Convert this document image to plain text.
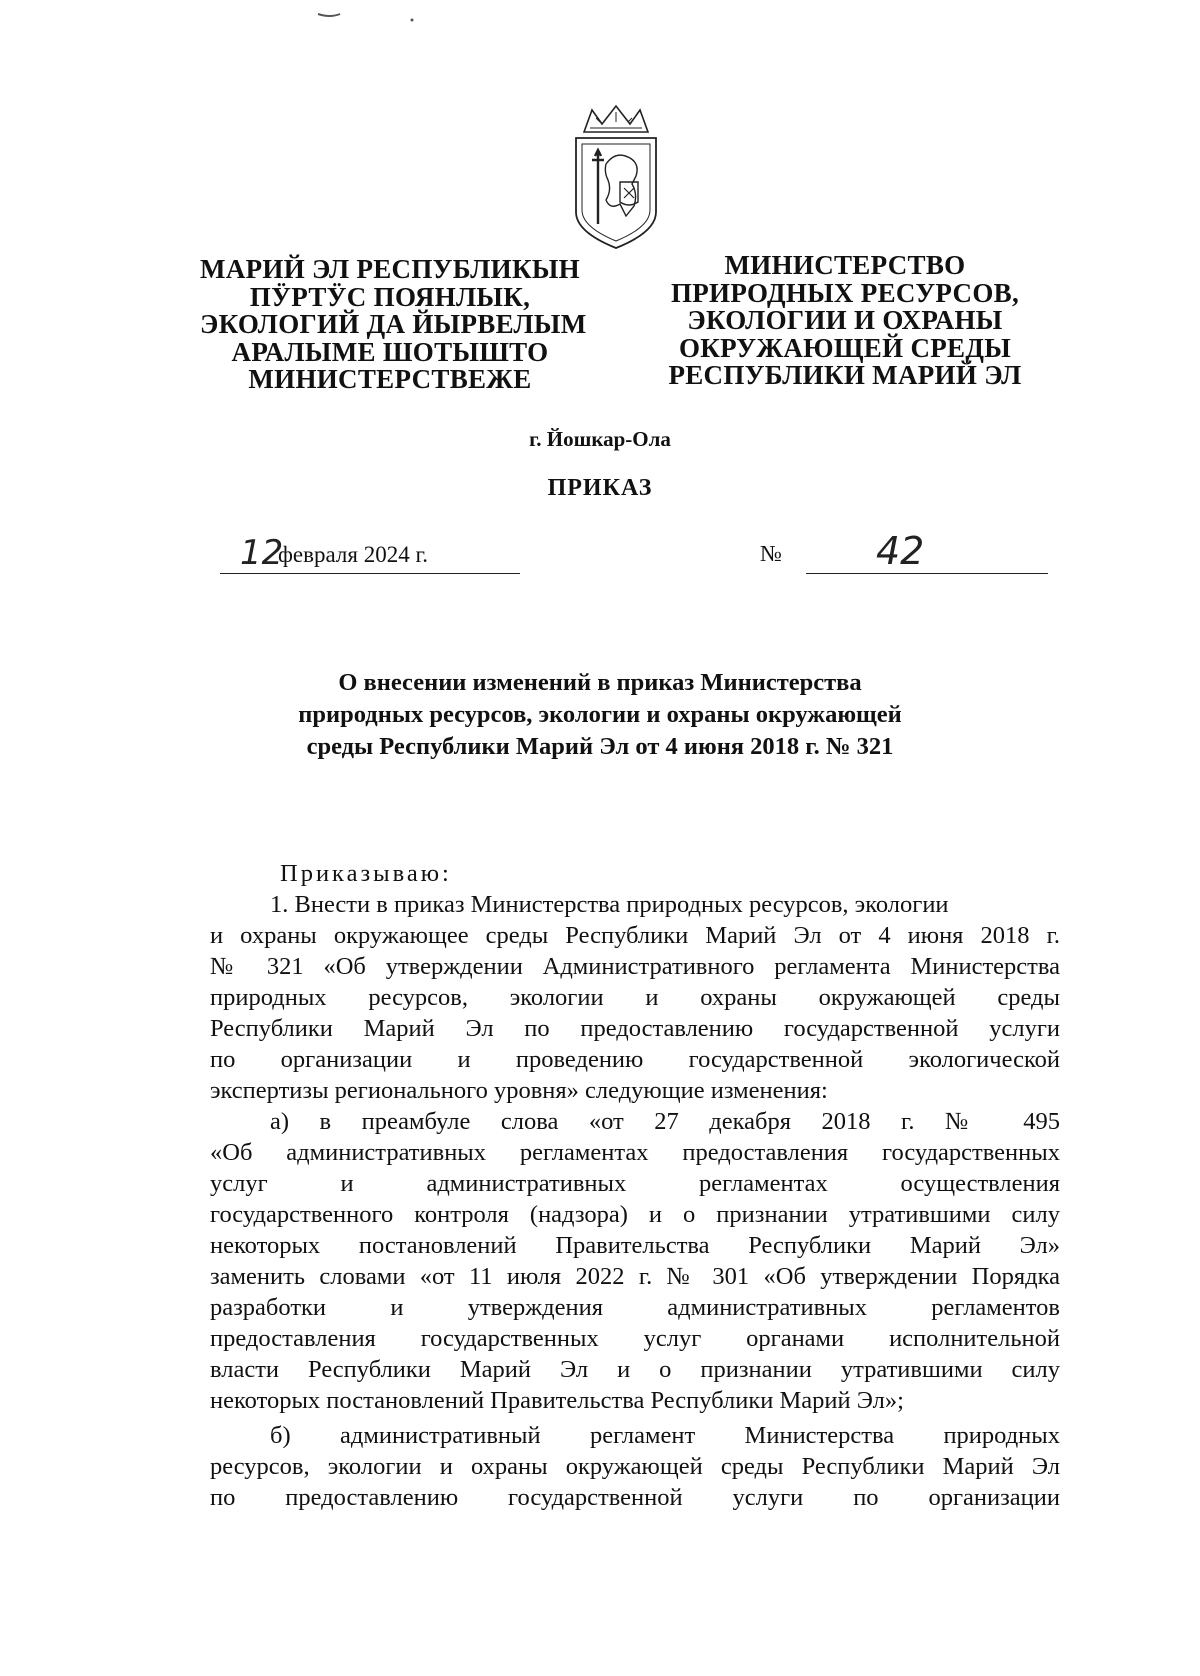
МАРИЙ ЭЛ РЕСПУБЛИКЫН
ПӰРТӰС ПОЯНЛЫК,
ЭКОЛОГИЙ ДА ЙЫРВЕЛЫМ
АРАЛЫМЕ ШОТЫШТО
МИНИСТЕРСТВЕЖЕ
МИНИСТЕРСТВО
ПРИРОДНЫХ РЕСУРСОВ,
ЭКОЛОГИИ И ОХРАНЫ
ОКРУЖАЮЩЕЙ СРЕДЫ
РЕСПУБЛИКИ МАРИЙ ЭЛ
г. Йошкар-Ола
ПРИКАЗ
12
февраля 2024 г.	№ 42
О внесении изменений в приказ Министерства
природных ресурсов, экологии и охраны окружающей
среды Республики Марий Эл от 4 июня 2018 г. № 321
Приказываю:
1. Внести в приказ Министерства природных ресурсов, экологии
и охраны окружающее среды Республики Марий Эл от 4 июня 2018 г.
№ 321 «Об утверждении Административного регламента Министерства
природных ресурсов, экологии и охраны окружающей среды
Республики Марий Эл по предоставлению государственной услуги
по организации и проведению государственной экологической
экспертизы регионального уровня» следующие изменения:
а) в преамбуле слова «от 27 декабря 2018 г. № 495
«Об административных регламентах предоставления государственных
услуг и административных регламентах осуществления
государственного контроля (надзора) и о признании утратившими силу
некоторых постановлений Правительства Республики Марий Эл»
заменить словами «от 11 июля 2022 г. № 301 «Об утверждении Порядка
разработки и утверждения административных регламентов
предоставления государственных услуг органами исполнительной
власти Республики Марий Эл и о признании утратившими силу
некоторых постановлений Правительства Республики Марий Эл»;
б) административный регламент Министерства природных
ресурсов, экологии и охраны окружающей среды Республики Марий Эл
по предоставлению государственной услуги по организации
